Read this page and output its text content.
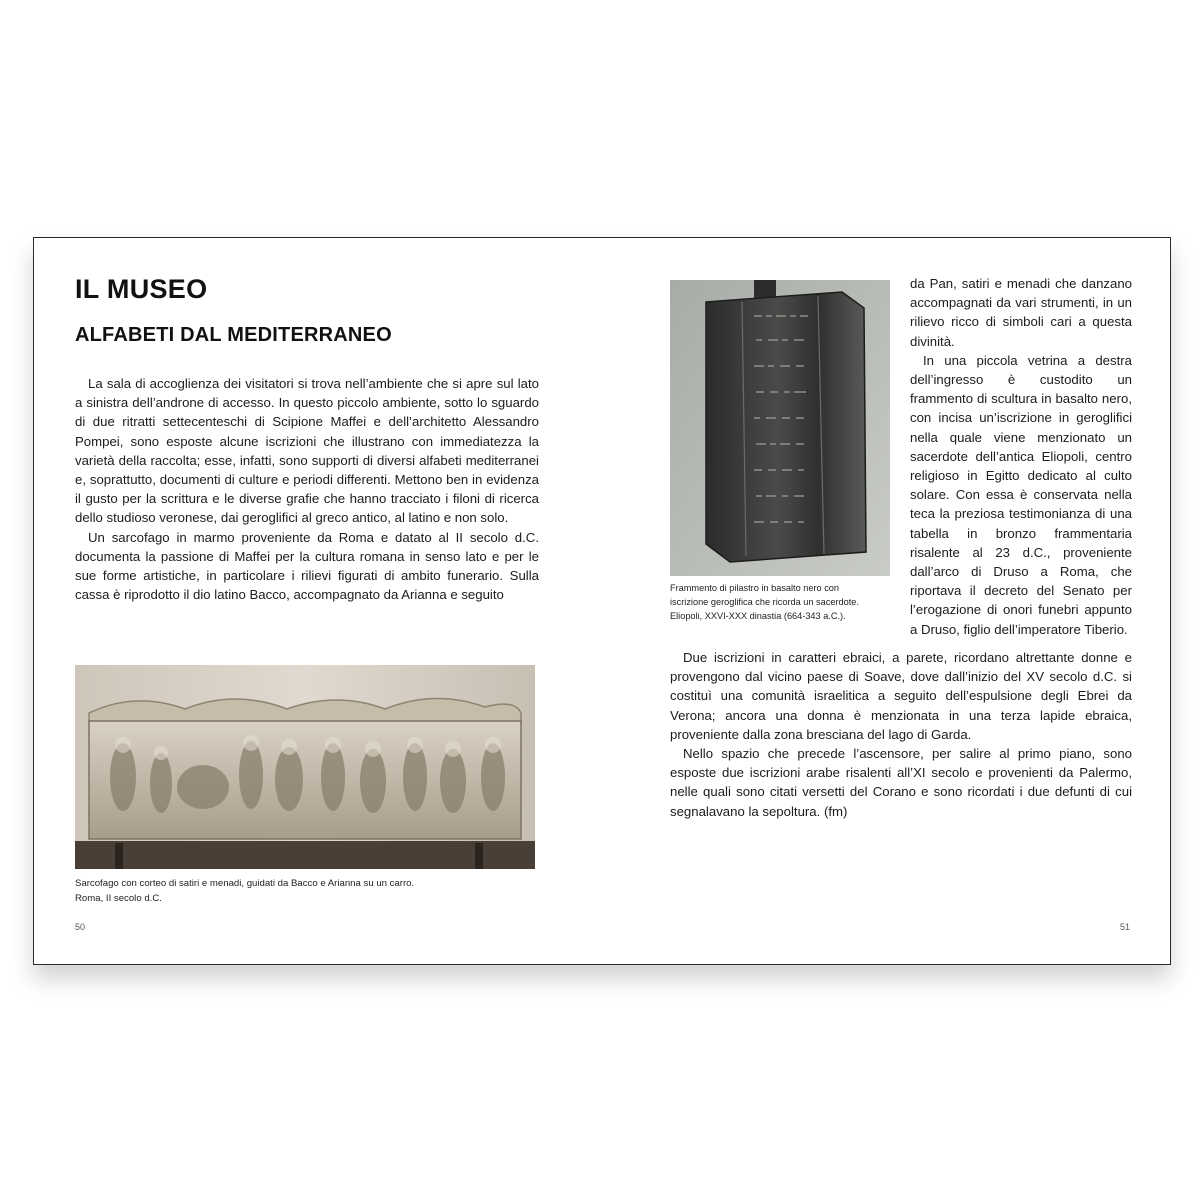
IL MUSEO
ALFABETI DAL MEDITERRANEO

La sala di accoglienza dei visitatori si trova nell’ambiente che si apre sul lato a sinistra dell’androne di accesso. In questo piccolo ambiente, sotto lo sguardo di due ritratti settecenteschi di Scipione Maffei e dell’architetto Alessandro Pompei, sono esposte alcune iscrizioni che illustrano con immediatezza la varietà della raccolta; esse, infatti, sono supporti di diversi alfabeti mediterranei e, soprattutto, documenti di culture e periodi differenti. Mettono ben in evidenza il gusto per la scrittura e le diverse grafie che hanno tracciato i filoni di ricerca dello studioso veronese, dai geroglifici al greco antico, al latino e non solo.

Un sarcofago in marmo proveniente da Roma e datato al II secolo d.C. documenta la passione di Maffei per la cultura romana in senso lato e per le sue forme artistiche, in particolare i rilievi figurati di ambito funerario. Sulla cassa è riprodotto il dio latino Bacco, accompagnato da Arianna e seguito

Sarcofago con corteo di satiri e menadi, guidati da Bacco e Arianna su un carro.
Roma, II secolo d.C.
50
Frammento di pilastro in basalto nero con
iscrizione geroglifica che ricorda un sacerdote.
Eliopoli, XXVI-XXX dinastia (664-343 a.C.).

da Pan, satiri e menadi che danzano accompagnati da vari strumenti, in un rilievo ricco di simboli cari a questa divinità.

In una piccola vetrina a destra dell’ingresso è custodito un frammento di scultura in basalto nero, con incisa un’iscrizione in geroglifici nella quale viene menzionato un sacerdote dell’antica Eliopoli, centro religioso in Egitto dedicato al culto solare. Con essa è conservata nella teca la preziosa testimonianza di una tabella in bronzo frammentaria risalente al 23 d.C., proveniente dall’arco di Druso a Roma, che riportava il decreto del Senato per l’erogazione di onori funebri appunto a Druso, figlio dell’imperatore Tiberio.

Due iscrizioni in caratteri ebraici, a parete, ricordano altrettante donne e provengono dal vicino paese di Soave, dove dall’inizio del XV secolo d.C. si costituì una comunità israelitica a seguito dell’espulsione degli Ebrei da Verona; ancora una donna è menzionata in una terza lapide ebraica, proveniente dalla zona bresciana del lago di Garda.

Nello spazio che precede l’ascensore, per salire al primo piano, sono esposte due iscrizioni arabe risalenti all’XI secolo e provenienti da Palermo, nelle quali sono citati versetti del Corano e sono ricordati i due defunti di cui segnalavano la sepoltura. (fm)

51
